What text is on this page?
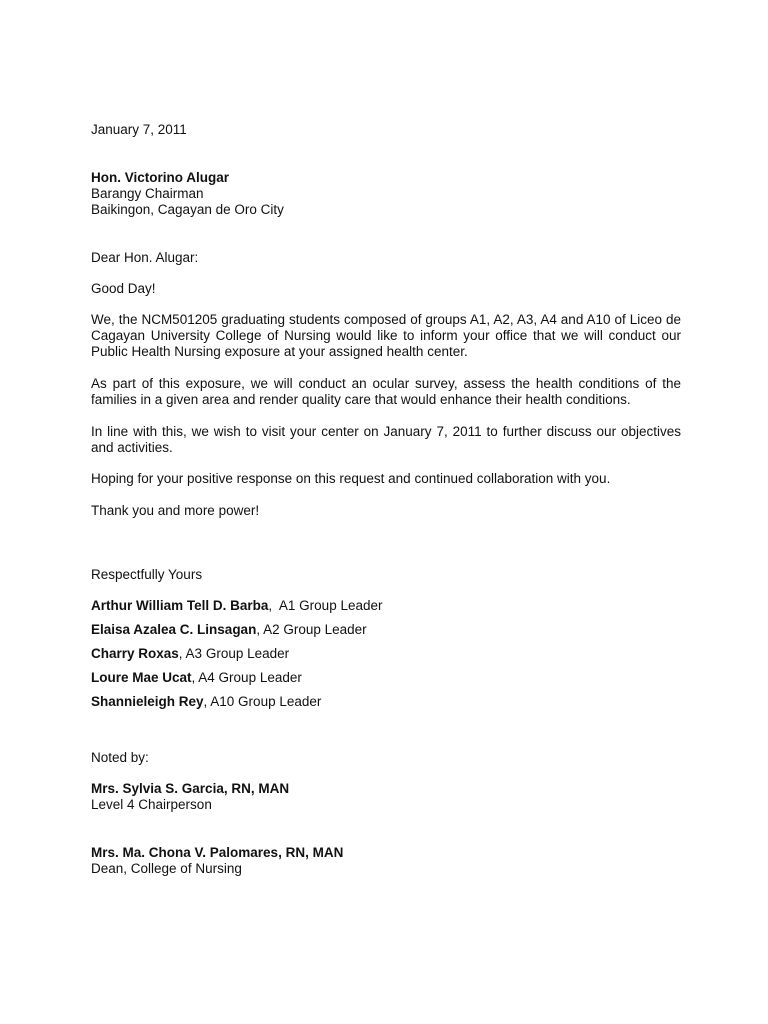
January 7, 2011
Hon. Victorino Alugar
Barangy Chairman
Baikingon, Cagayan de Oro City
Dear Hon. Alugar:
Good Day!
We, the NCM501205 graduating students composed of groups A1, A2, A3, A4 and A10 of Liceo de Cagayan University College of Nursing would like to inform your office that we will conduct our Public Health Nursing exposure at your assigned health center.
As part of this exposure, we will conduct an ocular survey, assess the health conditions of the families in a given area and render quality care that would enhance their health conditions.
In line with this, we wish to visit your center on January 7, 2011 to further discuss our objectives and activities.
Hoping for your positive response on this request and continued collaboration with you.
Thank you and more power!
Respectfully Yours
Arthur William Tell D. Barba,  A1 Group Leader
Elaisa Azalea C. Linsagan, A2 Group Leader
Charry Roxas, A3 Group Leader
Loure Mae Ucat, A4 Group Leader
Shannieleigh Rey, A10 Group Leader
Noted by:
Mrs. Sylvia S. Garcia, RN, MAN
Level 4 Chairperson
Mrs. Ma. Chona V. Palomares, RN, MAN
Dean, College of Nursing
